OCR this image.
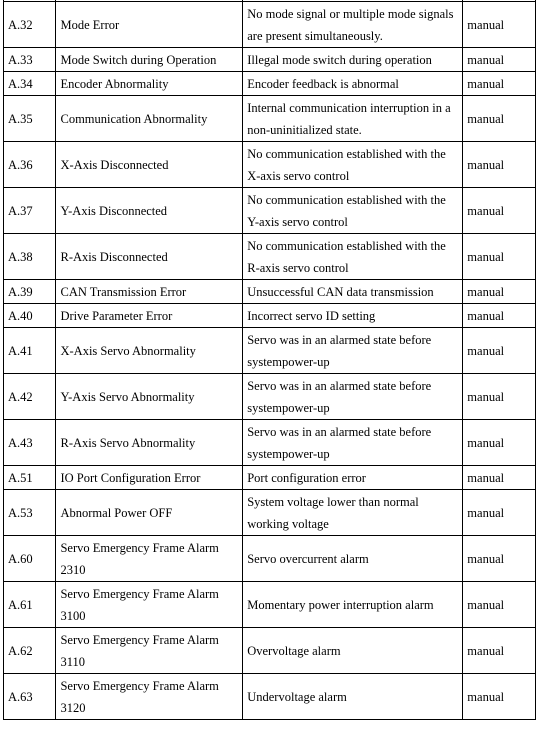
A.32	Mode Error	No mode signal or multiple mode signals are present simultaneously.	manual
A.33	Mode Switch during Operation	Illegal mode switch during operation	manual
A.34	Encoder Abnormality	Encoder feedback is abnormal	manual
A.35	Communication Abnormality	Internal communication interruption in a non-uninitialized state.	manual
A.36	X-Axis Disconnected	No communication established with the X-axis servo control	manual
A.37	Y-Axis Disconnected	No communication established with the Y-axis servo control	manual
A.38	R-Axis Disconnected	No communication established with the R-axis servo control	manual
A.39	CAN Transmission Error	Unsuccessful CAN data transmission	manual
A.40	Drive Parameter Error	Incorrect servo ID setting	manual
A.41	X-Axis Servo Abnormality	Servo was in an alarmed state before systempower-up	manual
A.42	Y-Axis Servo Abnormality	Servo was in an alarmed state before systempower-up	manual
A.43	R-Axis Servo Abnormality	Servo was in an alarmed state before systempower-up	manual
A.51	IO Port Configuration Error	Port configuration error	manual
A.53	Abnormal Power OFF	System voltage lower than normal working voltage	manual
A.60	Servo Emergency Frame Alarm 2310	Servo overcurrent alarm	manual
A.61	Servo Emergency Frame Alarm 3100	Momentary power interruption alarm	manual
A.62	Servo Emergency Frame Alarm 3110	Overvoltage alarm	manual
A.63	Servo Emergency Frame Alarm 3120	Undervoltage alarm	manual
